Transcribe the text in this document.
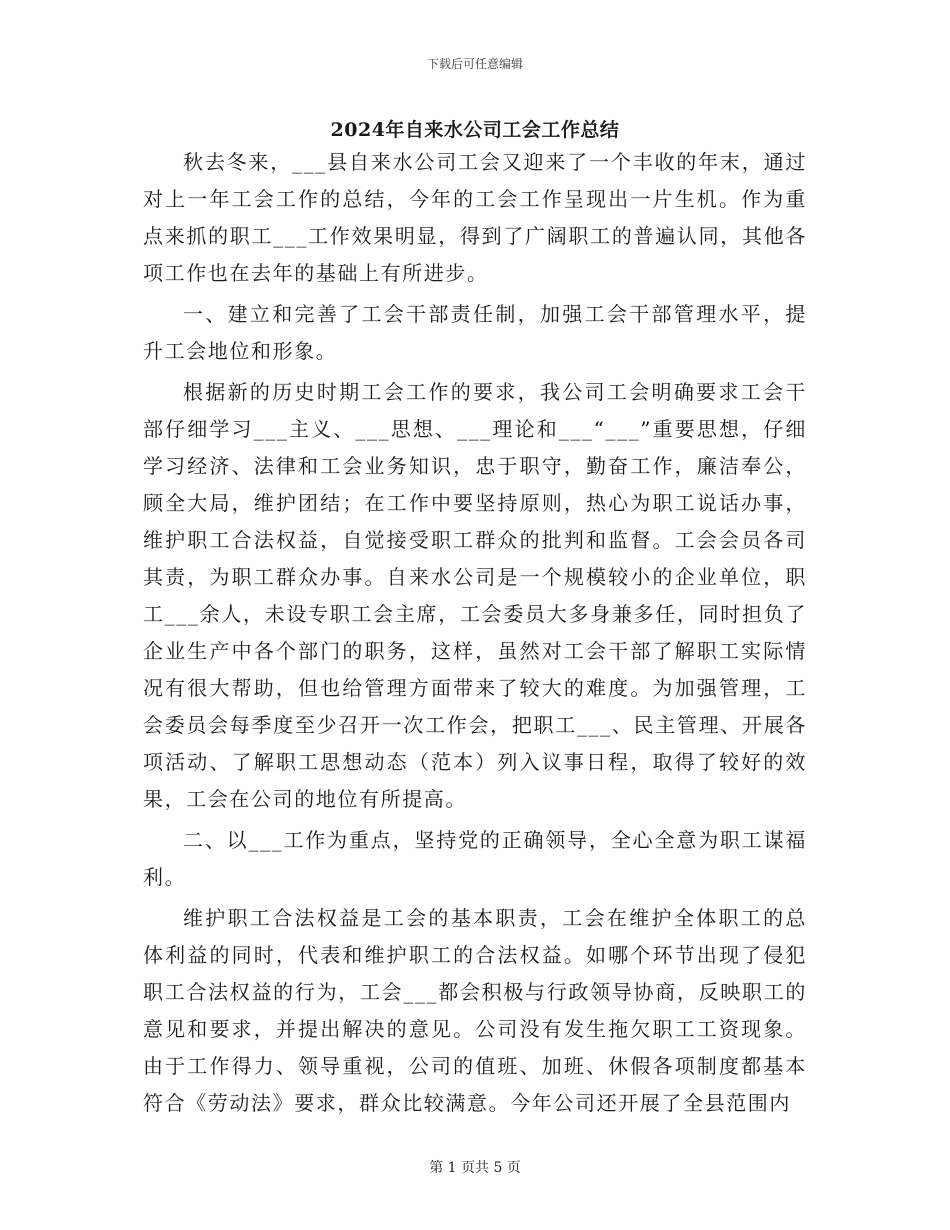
下载后可任意编辑
2024年自来水公司工会工作总结

秋去冬来，___县自来水公司工会又迎来了一个丰收的年末，通过对上一年工会工作的总结，今年的工会工作呈现出一片生机。作为重点来抓的职工___工作效果明显，得到了广阔职工的普遍认同，其他各项工作也在去年的基础上有所进步。

一、建立和完善了工会干部责任制，加强工会干部管理水平，提升工会地位和形象。

根据新的历史时期工会工作的要求，我公司工会明确要求工会干部仔细学习___主义、___思想、___理论和___“___”重要思想，仔细学习经济、法律和工会业务知识，忠于职守，勤奋工作，廉洁奉公，顾全大局，维护团结；在工作中要坚持原则，热心为职工说话办事，维护职工合法权益，自觉接受职工群众的批判和监督。工会会员各司其责，为职工群众办事。自来水公司是一个规模较小的企业单位，职工___余人，未设专职工会主席，工会委员大多身兼多任，同时担负了企业生产中各个部门的职务，这样，虽然对工会干部了解职工实际情况有很大帮助，但也给管理方面带来了较大的难度。为加强管理，工会委员会每季度至少召开一次工作会，把职工___、民主管理、开展各项活动、了解职工思想动态（范本）列入议事日程，取得了较好的效果，工会在公司的地位有所提高。

二、以___工作为重点，坚持党的正确领导，全心全意为职工谋福利。

维护职工合法权益是工会的基本职责，工会在维护全体职工的总体利益的同时，代表和维护职工的合法权益。如哪个环节出现了侵犯职工合法权益的行为，工会___都会积极与行政领导协商，反映职工的意见和要求，并提出解决的意见。公司没有发生拖欠职工工资现象。由于工作得力、领导重视，公司的值班、加班、休假各项制度都基本符合《劳动法》要求，群众比较满意。今年公司还开展了全县范围内

第 1 页共 5 页
